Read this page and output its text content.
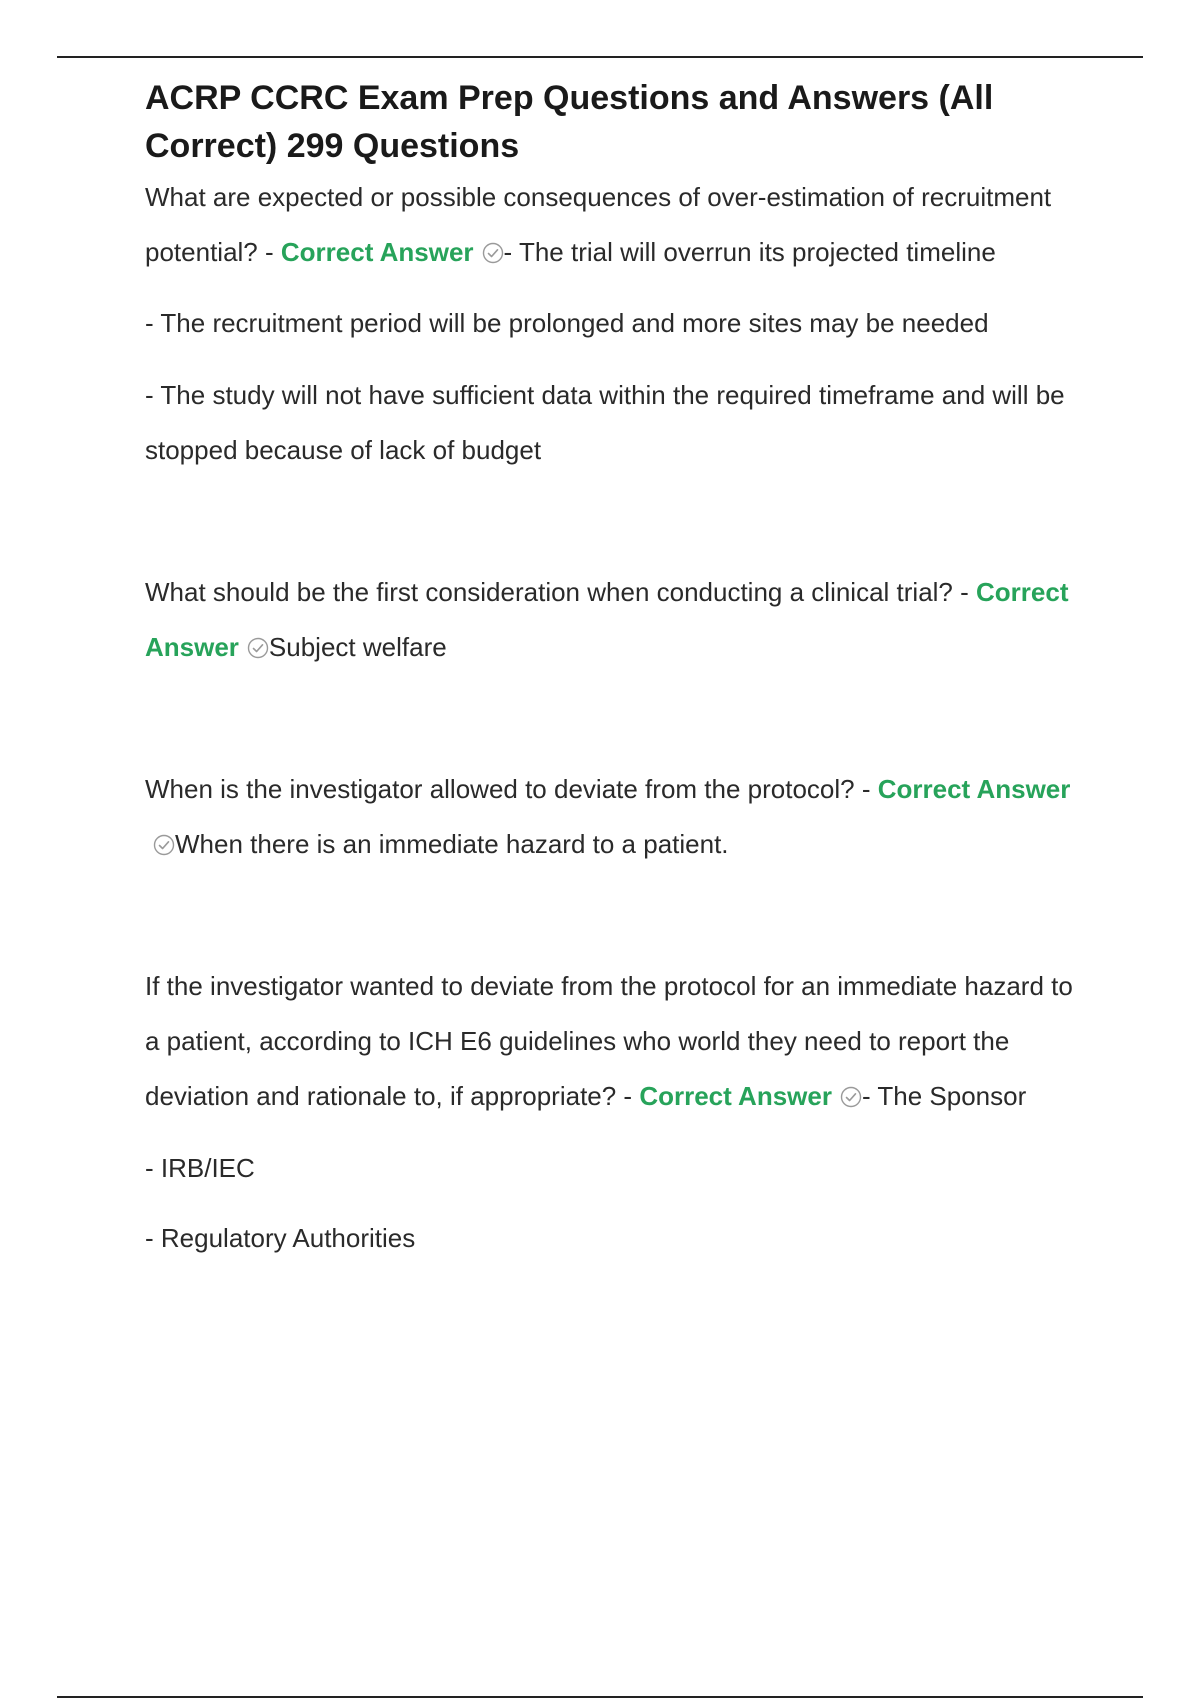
ACRP CCRC Exam Prep Questions and Answers (All Correct) 299 Questions

What are expected or possible consequences of over-estimation of recruitment potential? - Correct Answer - The trial will overrun its projected timeline

- The recruitment period will be prolonged and more sites may be needed

- The study will not have sufficient data within the required timeframe and will be stopped because of lack of budget

What should be the first consideration when conducting a clinical trial? - Correct Answer Subject welfare

When is the investigator allowed to deviate from the protocol? - Correct Answer
When there is an immediate hazard to a patient.

If the investigator wanted to deviate from the protocol for an immediate hazard to a patient, according to ICH E6 guidelines who world they need to report the deviation and rationale to, if appropriate? - Correct Answer - The Sponsor

- IRB/IEC

- Regulatory Authorities
